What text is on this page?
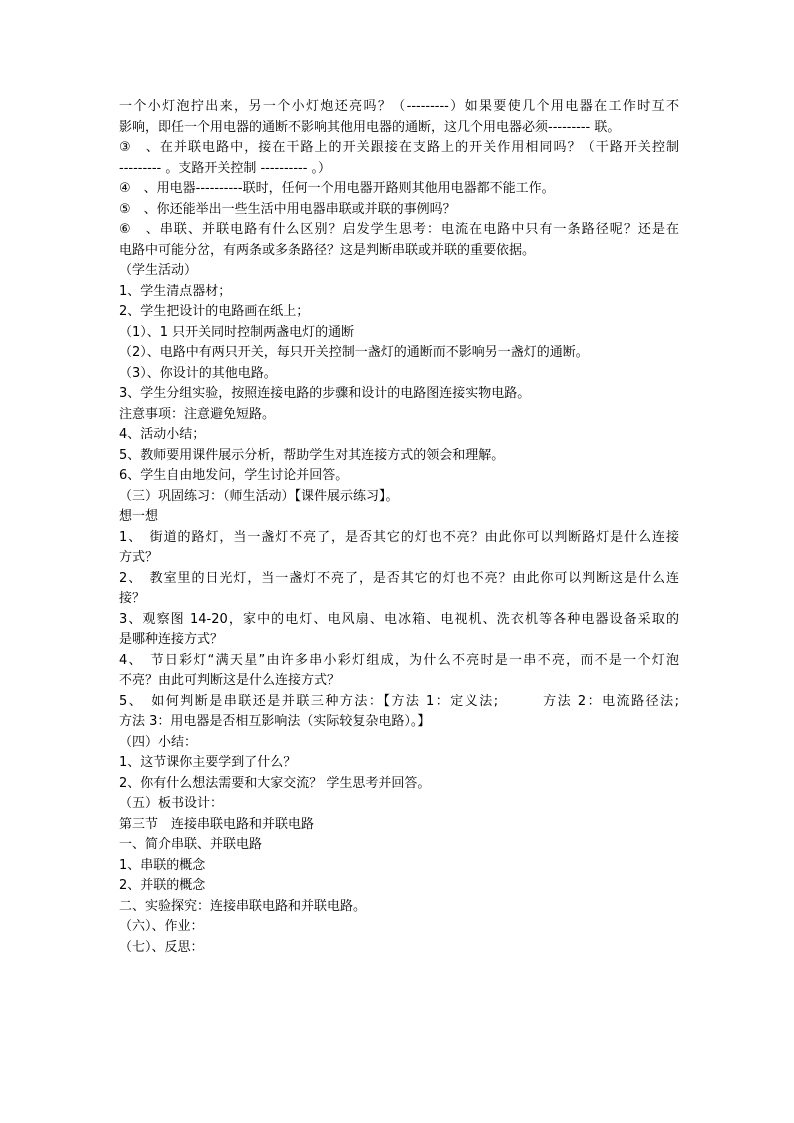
一个小灯泡拧出来，另一个小灯炮还亮吗？（---------）如果要使几个用电器在工作时互不

影响，即任一个用电器的通断不影响其他用电器的通断，这几个用电器必须--------- 联。

③　、在并联电路中，接在干路上的开关跟接在支路上的开关作用相同吗？（干路开关控制

--------- 。支路开关控制 ---------- 。）

④　、用电器----------联时，任何一个用电器开路则其他用电器都不能工作。

⑤　、你还能举出一些生活中用电器串联或并联的事例吗？

⑥　、串联、并联电路有什么区别？启发学生思考：电流在电路中只有一条路径呢？还是在

电路中可能分岔，有两条或多条路径？这是判断串联或并联的重要依据。

（学生活动）

1、学生清点器材；

2、学生把设计的电路画在纸上；

（1）、1 只开关同时控制两盏电灯的通断

（2）、电路中有两只开关，每只开关控制一盏灯的通断而不影响另一盏灯的通断。

（3）、你设计的其他电路。

3、学生分组实验，按照连接电路的步骤和设计的电路图连接实物电路。

注意事项：注意避免短路。

4、活动小结；

5、教师要用课件展示分析，帮助学生对其连接方式的领会和理解。

6、学生自由地发问，学生讨论并回答。

（三）巩固练习：（师生活动）【课件展示练习】。

想一想

1、　街道的路灯，当一盏灯不亮了，是否其它的灯也不亮？由此你可以判断路灯是什么连接

方式？

2、　教室里的日光灯，当一盏灯不亮了，是否其它的灯也不亮？由此你可以判断这是什么连

接？

3、观察图 14-20，家中的电灯、电风扇、电冰箱、电视机、洗衣机等各种电器设备采取的

是哪种连接方式？

4、　节日彩灯“满天星”由许多串小彩灯组成，为什么不亮时是一串不亮，而不是一个灯泡

不亮？由此可判断这是什么连接方式？

5、　如何判断是串联还是并联三种方法：【方法 1：定义法;　　　方法 2：电流路径法;

方法 3：用电器是否相互影响法（实际较复杂电路）。】

（四）小结：

1、这节课你主要学到了什么？

2、你有什么想法需要和大家交流？ 学生思考并回答。

（五）板书设计：

第三节　连接串联电路和并联电路

一、简介串联、并联电路

1、串联的概念

2、并联的概念

二、实验探究：连接串联电路和并联电路。

（六）、作业：

（七）、反思：
